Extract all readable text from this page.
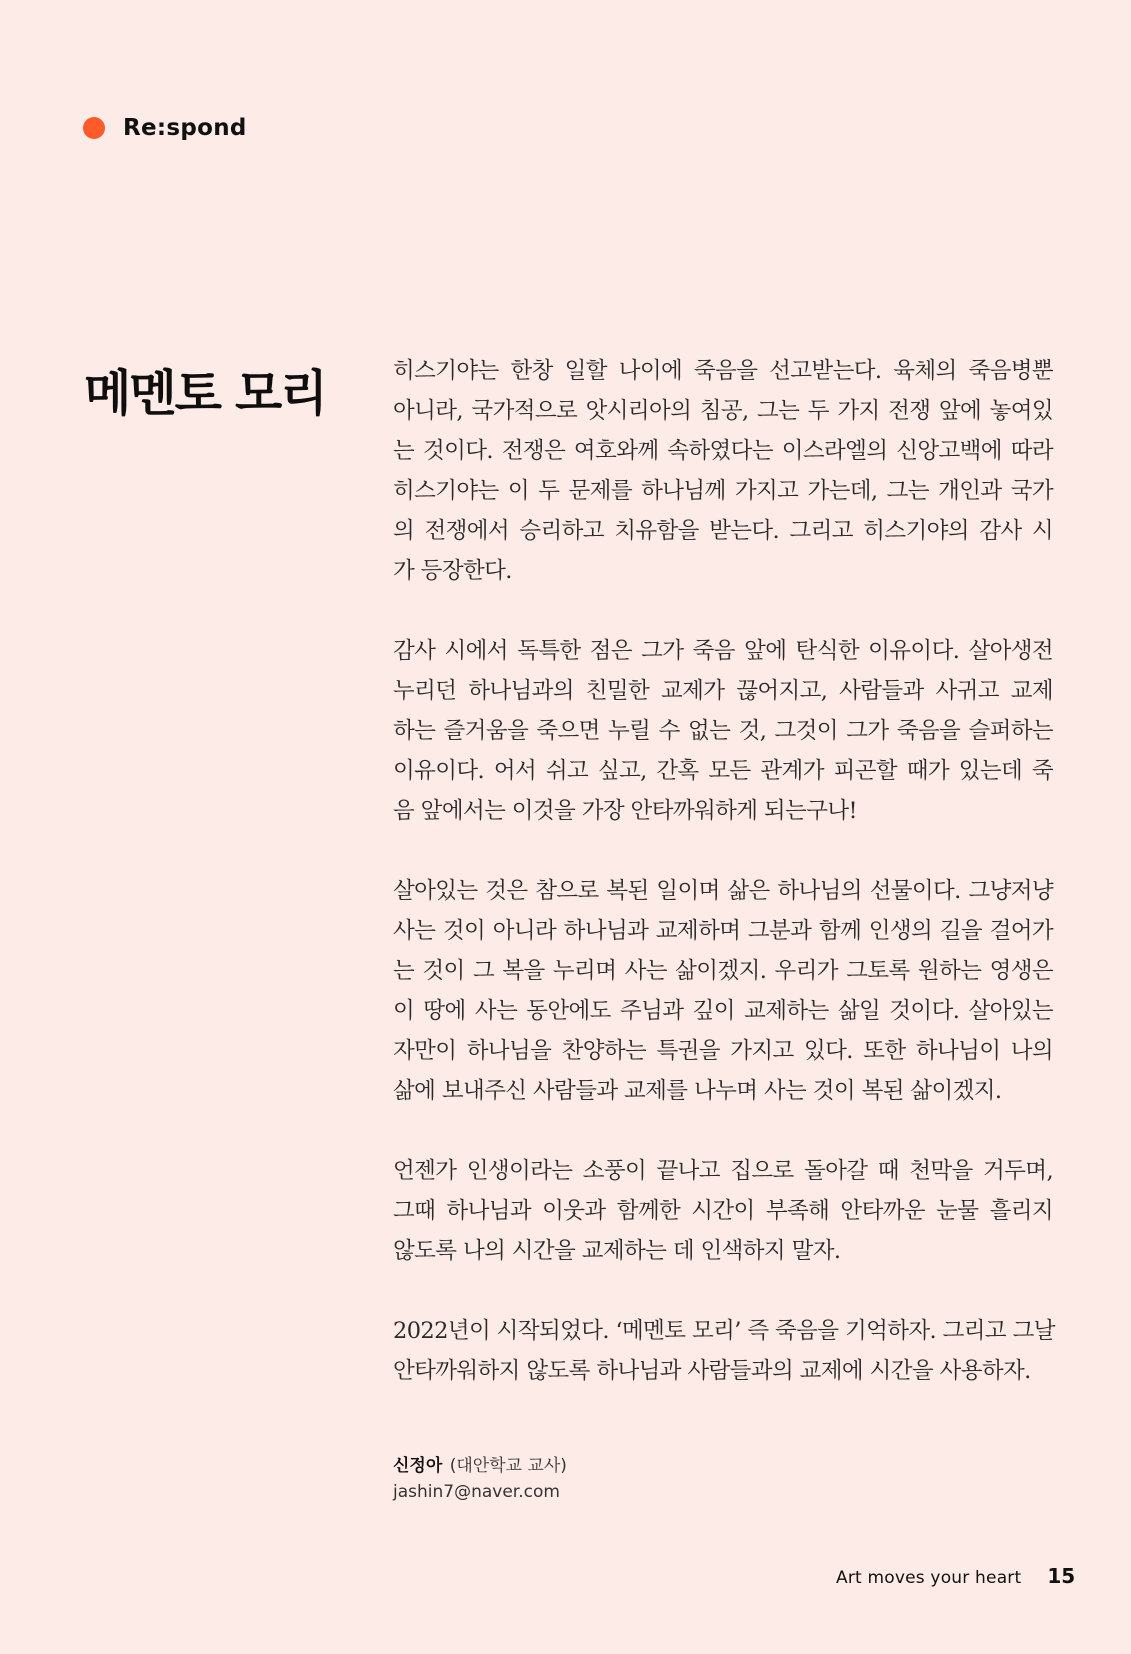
Re:spond
메멘토 모리	히스기야는 한창 일할 나이에 죽음을 선고받는다. 육체의 죽음병뿐
아니라, 국가적으로 앗시리아의 침공, 그는 두 가지 전쟁 앞에 놓여있
는 것이다. 전쟁은 여호와께 속하였다는 이스라엘의 신앙고백에 따라
히스기야는 이 두 문제를 하나님께 가지고 가는데, 그는 개인과 국가
의 전쟁에서 승리하고 치유함을 받는다. 그리고 히스기야의 감사 시
가 등장한다.
감사 시에서 독특한 점은 그가 죽음 앞에 탄식한 이유이다. 살아생전
누리던 하나님과의 친밀한 교제가 끊어지고, 사람들과 사귀고 교제
하는 즐거움을 죽으면 누릴 수 없는 것, 그것이 그가 죽음을 슬퍼하는
이유이다. 어서 쉬고 싶고, 간혹 모든 관계가 피곤할 때가 있는데 죽
음 앞에서는 이것을 가장 안타까워하게 되는구나!
살아있는 것은 참으로 복된 일이며 삶은 하나님의 선물이다. 그냥저냥
사는 것이 아니라 하나님과 교제하며 그분과 함께 인생의 길을 걸어가
는 것이 그 복을 누리며 사는 삶이겠지. 우리가 그토록 원하는 영생은
이 땅에 사는 동안에도 주님과 깊이 교제하는 삶일 것이다. 살아있는
자만이 하나님을 찬양하는 특권을 가지고 있다. 또한 하나님이 나의
삶에 보내주신 사람들과 교제를 나누며 사는 것이 복된 삶이겠지.
언젠가 인생이라는 소풍이 끝나고 집으로 돌아갈 때 천막을 거두며,
그때 하나님과 이웃과 함께한 시간이 부족해 안타까운 눈물 흘리지
않도록 나의 시간을 교제하는 데 인색하지 말자.
2022년이 시작되었다. ‘메멘토 모리’ 즉 죽음을 기억하자. 그리고 그날
안타까워하지 않도록 하나님과 사람들과의 교제에 시간을 사용하자.
신정아 (대안학교 교사)
jashin7@naver.com
Art moves your heart 15
